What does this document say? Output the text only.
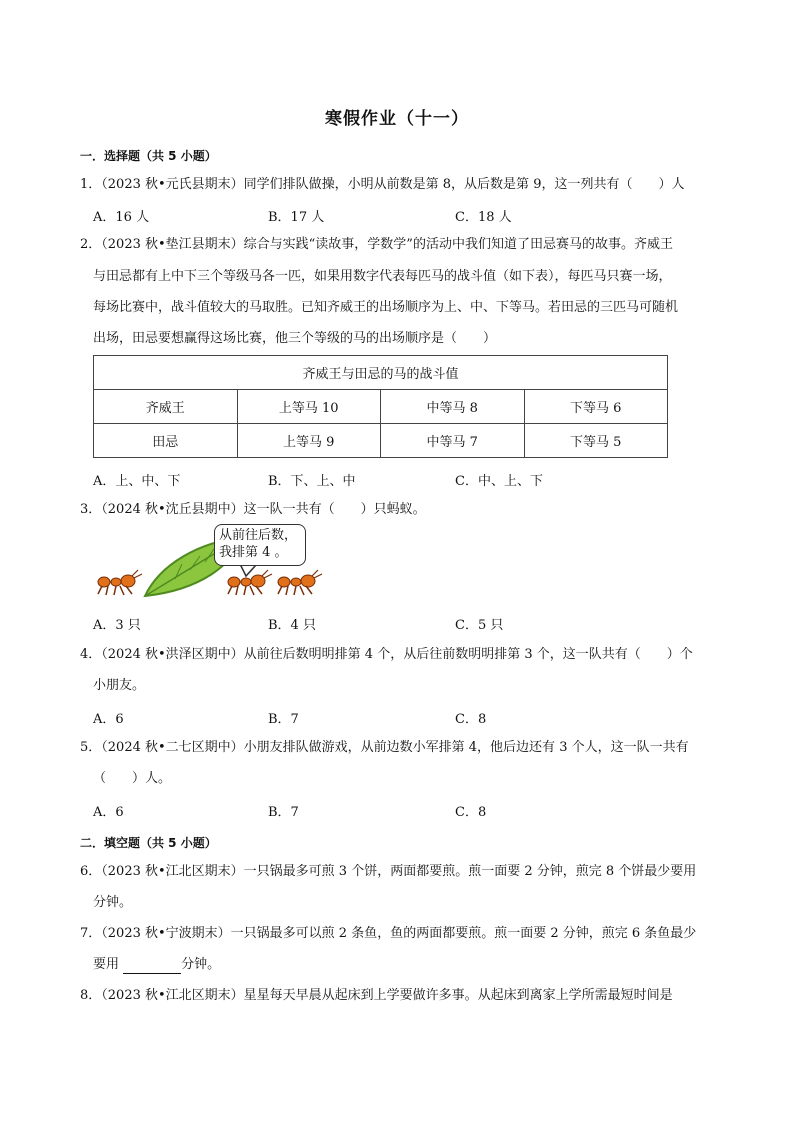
寒假作业（十一）
一．选择题（共 5 小题）
1．（2023 秋•元氏县期末）同学们排队做操，小明从前数是第 8，从后数是第 9，这一列共有（　　）人
A．16 人	B．17 人	C．18 人
2．（2023 秋•垫江县期末）综合与实践“读故事，学数学”的活动中我们知道了田忌赛马的故事。齐威王
与田忌都有上中下三个等级马各一匹，如果用数字代表每匹马的战斗值（如下表），每匹马只赛一场，
每场比赛中，战斗值较大的马取胜。已知齐威王的出场顺序为上、中、下等马。若田忌的三匹马可随机
出场，田忌要想赢得这场比赛，他三个等级的马的出场顺序是（　　）
齐威王与田忌的马的战斗值			
齐威王	上等马 10	中等马 8	下等马 6
田忌	上等马 9	中等马 7	下等马 5
A．上、中、下	B．下、上、中	C．中、上、下
3．（2024 秋•沈丘县期中）这一队一共有（　　）只蚂蚁。
从前往后数，
我排第 4 。
A．3 只	B．4 只	C．5 只
4．（2024 秋•洪泽区期中）从前往后数明明排第 4 个，从后往前数明明排第 3 个，这一队共有（　　）个
小朋友。
A．6	B．7	C．8
5．（2024 秋•二七区期中）小朋友排队做游戏，从前边数小军排第 4，他后边还有 3 个人，这一队一共有
（　　）人。
A．6	B．7	C．8
二．填空题（共 5 小题）
6．（2023 秋•江北区期末）一只锅最多可煎 3 个饼，两面都要煎。煎一面要 2 分钟，煎完 8 个饼最少要用
分钟。
7．（2023 秋•宁波期末）一只锅最多可以煎 2 条鱼，鱼的两面都要煎。煎一面要 2 分钟，煎完 6 条鱼最少
要用	分钟。
8．（2023 秋•江北区期末）星星每天早晨从起床到上学要做许多事。从起床到离家上学所需最短时间是
